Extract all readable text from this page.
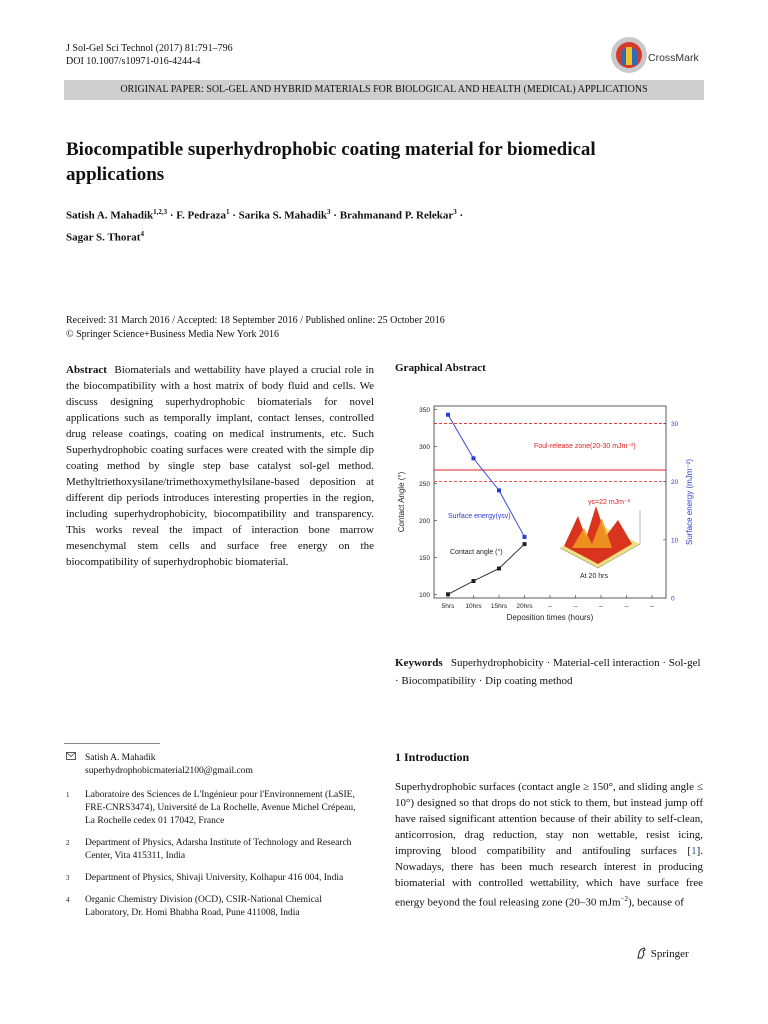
J Sol-Gel Sci Technol (2017) 81:791–796
DOI 10.1007/s10971-016-4244-4	CrossMark
ORIGINAL PAPER: SOL-GEL AND HYBRID MATERIALS FOR BIOLOGICAL AND HEALTH (MEDICAL) APPLICATIONS
Biocompatible superhydrophobic coating material for biomedical applications
Satish A. Mahadik$^{1,2,3}$ · F. Pedraza$^1$ · Sarika S. Mahadik$^3$ · Brahmanand P. Relekar$^3$ ·
Sagar S. Thorat$^4$
Received: 31 March 2016 / Accepted: 18 September 2016 / Published online: 25 October 2016
© Springer Science+Business Media New York 2016
Abstract Biomaterials and wettability have played a crucial role in the biocompatibility with a host matrix of body fluid and cells. We discuss designing superhydrophobic biomaterials for novel applications such as temporally implant, contact lenses, controlled drug release coatings, coating on medical instruments, etc. Such Superhydrophobic coating surfaces were created with the simple dip coating method by single step base catalyst sol-gel method. Methyltriethoxysilane/trimethoxymethylsilane-based deposition at different dip periods introduces interesting properties in the region, including superhydrophobicity, biocompatibility and transparency. This works reveal the impact of interaction bone marrow mesenchymal stem cells and surface free energy on the biocompatibility of superhydrophobic biomaterial.
Graphical Abstract
100
150
200
250
300
350
0
10
20
30
5hrs 10hrs 15hrs 20hrs --	--	--	--	--
Contact Angle (°)	Surface energy (mJm⁻²)
Deposition times (hours)
Foul-release zone(20-30 mJm⁻²)
γc=22 mJm⁻²
Surface energy(γsv)
Contact angle (°)
At 20 hrs
Keywords Superhydrophobicity · Material-cell interaction · Sol-gel · Biocompatibility · Dip coating method
Satish A. Mahadik
superhydrophobicmaterial2100@gmail.com
1	Laboratoire des Sciences de L'Ingénieur pour l'Environnement (LaSIE, FRE-CNRS3474), Université de La Rochelle, Avenue Michel Crépeau, La Rochelle cedex 01 17042, France
2	Department of Physics, Adarsha Institute of Technology and Research Center, Vita 415311, India
3	Department of Physics, Shivaji University, Kolhapur 416 004, India
4	Organic Chemistry Division (OCD), CSIR-National Chemical Laboratory, Dr. Homi Bhabha Road, Pune 411008, India
1 Introduction
Superhydrophobic surfaces (contact angle ≥ 150°, and sliding angle ≤ 10°) designed so that drops do not stick to them, but instead jump off have raised significant attention because of their ability to self-clean, anticorrosion, drag reduction, stay non wettable, resist icing, improving blood compatibility and antifouling surfaces [1]. Nowadays, there has been much research interest in producing biomaterial with controlled wettability, which have surface free energy beyond the foul releasing zone (20–30 mJm$^{-2}$), because of
Springer
